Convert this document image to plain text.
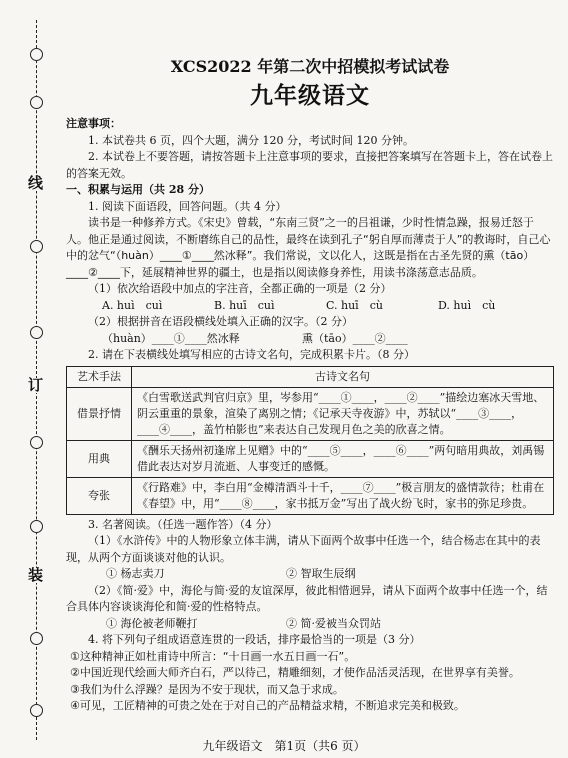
线
订
装
XCS2022 年第二次中招模拟考试试卷
九年级语文

注意事项：

1. 本试卷共 6 页，四个大题，满分 120 分，考试时间 120 分钟。

2. 本试卷上不要答题，请按答题卡上注意事项的要求，直接把答案填写在答题卡上，答在试卷上的答案无效。

一、积累与运用（共 28 分）

1. 阅读下面语段，回答问题。（共 4 分）

读书是一种修养方式。《宋史》曾载，“东南三贤”之一的吕祖谦，少时性情急躁，报易迁怒于人。他正是通过阅读，不断磨练自己的品性，最终在读到孔子“躬自厚而薄责于人”的教诲时，自己心中的忿气“（huàn）____①____然冰释”。我们常说，文以化人，这既是指在古圣先贤的熏（tāo）____②____下，延展精神世界的疆土，也是指以阅读修身养性，用读书涤荡意志品质。

（1）依次给语段中加点的字注音，全都正确的一项是（2 分）

A. huì　cuì	B. huī　cuì	C. huī　cù	D. huì　cù

（2）根据拼音在语段横线处填入正确的汉字。（2 分）

（huàn）____①____然冰释	熏（tāo）____②____

2. 请在下表横线处填写相应的古诗文名句，完成积累卡片。（8 分）

艺术手法	古诗文名句
借景抒情	《白雪歌送武判官归京》里，岑参用“____①____，____②____”描绘边塞冰天雪地、阴云重重的景象，渲染了离别之情；《记承天寺夜游》中，苏轼以“____③____，____④____，盖竹柏影也”来表达自己发现月色之美的欣喜之情。
用典	《酬乐天扬州初逢席上见赠》中的“____⑤____，____⑥____”两句暗用典故，刘禹锡借此表达对岁月流逝、人事变迁的感慨。
夸张	《行路难》中，李白用“金樽清酒斗十千，____⑦____”极言朋友的盛情款待；杜甫在《春望》中，用“____⑧____，家书抵万金”写出了战火纷飞时，家书的弥足珍贵。

3. 名著阅读。（任选一题作答）（4 分）

（1）《水浒传》中的人物形象立体丰满，请从下面两个故事中任选一个，结合杨志在其中的表现，从两个方面谈谈对他的认识。

① 杨志卖刀	② 智取生辰纲

（2）《简·爱》中，海伦与简·爱的友谊深厚，彼此相惜迥异，请从下面两个故事中任选一个，结合具体内容谈谈海伦和简·爱的性格特点。

① 海伦被老师鞭打	② 简·爱被当众罚站

4. 将下列句子组成语意连贯的一段话，排序最恰当的一项是（3 分）

①这种精神正如杜甫诗中所言：“十日画一水五日画一石”。

②中国近现代绘画大师齐白石，严以待己，精雕细刻，才使作品活灵活现，在世界享有美誉。

③我们为什么浮躁？是因为不安于现状，而又急于求成。

④可见，工匠精神的可贵之处在于对自己的产品精益求精，不断追求完美和极致。

九年级语文　第1页（共6 页）
